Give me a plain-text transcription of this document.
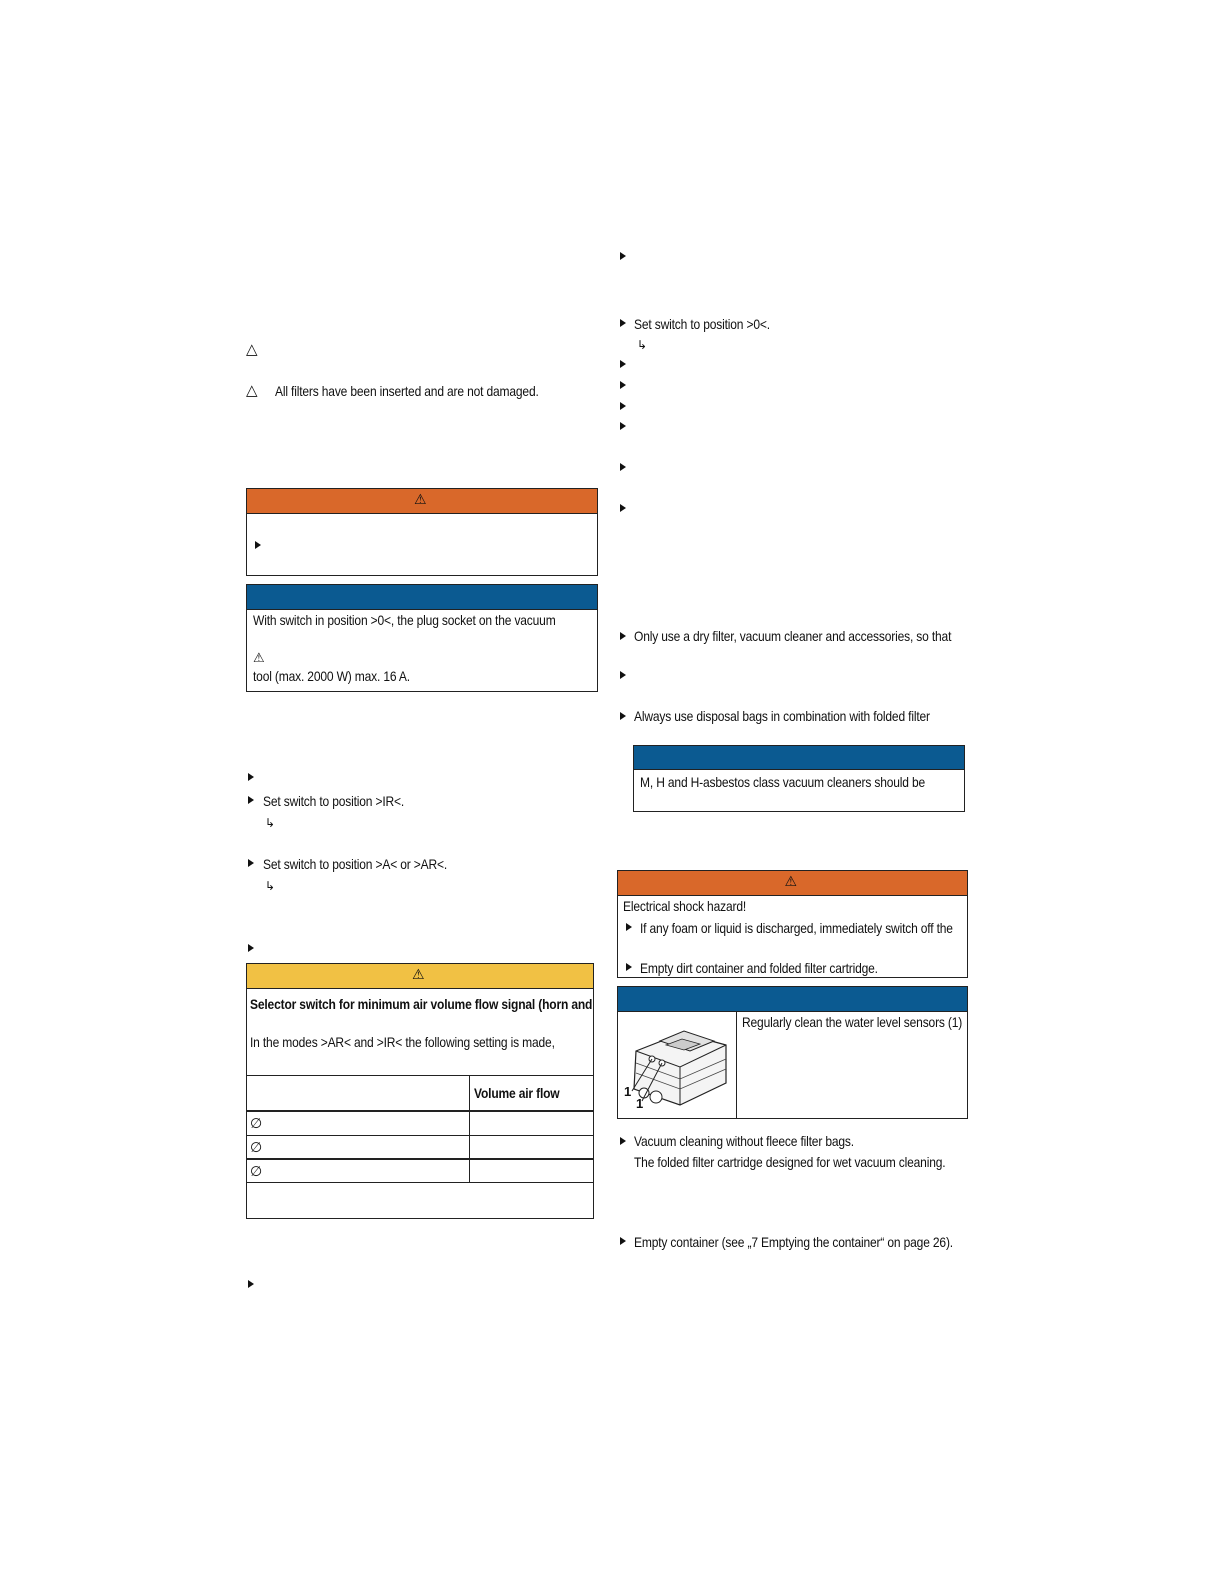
△
△ All filters have been inserted and are not damaged.
⚠
With switch in position >0<, the plug socket on the vacuum
⚠
tool (max. 2000 W) max. 16 A.
Set switch to position >IR<.
↳
Set switch to position >A< or >AR<.
↳
⚠
Selector switch for minimum air volume flow signal (horn and
In the modes >AR< and >IR< the following setting is made,
Volume air flow
∅
∅
∅
Set switch to position >0<.
↳
Only use a dry filter, vacuum cleaner and accessories, so that
Always use disposal bags in combination with folded filter
M, H and H-asbestos class vacuum cleaners should be
⚠
Electrical shock hazard!
If any foam or liquid is discharged, immediately switch off the
Empty dirt container and folded filter cartridge.
1
1
Regularly clean the water level sensors (1)
Vacuum cleaning without fleece filter bags.
The folded filter cartridge designed for wet vacuum cleaning.
Empty container (see „7 Emptying the container“ on page 26).
